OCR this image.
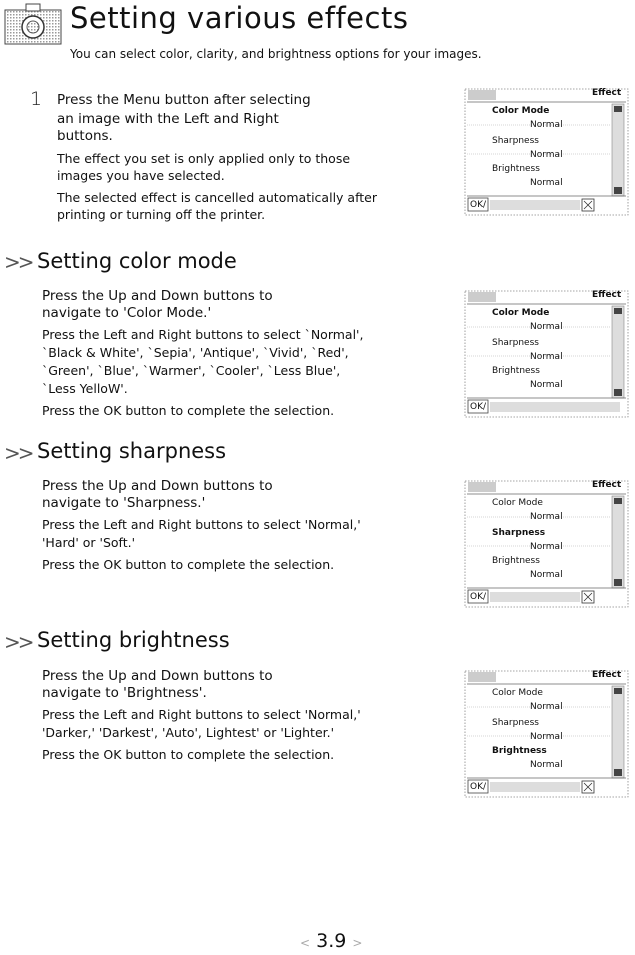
Setting various effects
You can select color, clarity, and brightness options for your images.
1 Press the Menu button after selecting
an image with the Left and Right
buttons.
The effect you set is only applied only to those
images you have selected.
The selected effect is cancelled automatically after
printing or turning off the printer.
>> Setting color mode
Press the Up and Down buttons to
navigate to 'Color Mode.'
Press the Left and Right buttons to select `Normal',
`Black & White', `Sepia', 'Antique', `Vivid', `Red',
`Green', `Blue', `Warmer', `Cooler', `Less Blue',
`Less YelloW'.
Press the OK button to complete the selection.
>> Setting sharpness
Press the Up and Down buttons to
navigate to 'Sharpness.'
Press the Left and Right buttons to select 'Normal,'
'Hard' or 'Soft.'
Press the OK button to complete the selection.
>> Setting brightness
Press the Up and Down buttons to
navigate to 'Brightness'.
Press the Left and Right buttons to select 'Normal,'
'Darker,' 'Darkest', 'Auto', Lightest' or 'Lighter.'
Press the OK button to complete the selection.
Effect
Color Mode
Normal
Sharpness
Normal
Brightness
Normal
OK/
Effect
Color Mode
Normal
Sharpness
Normal
Brightness
Normal
OK/
Effect
Color Mode
Normal
Sharpness
Normal
Brightness
Normal
OK/
Effect
Color Mode
Normal
Sharpness
Normal
Brightness
Normal
OK/
< 3.9 >
